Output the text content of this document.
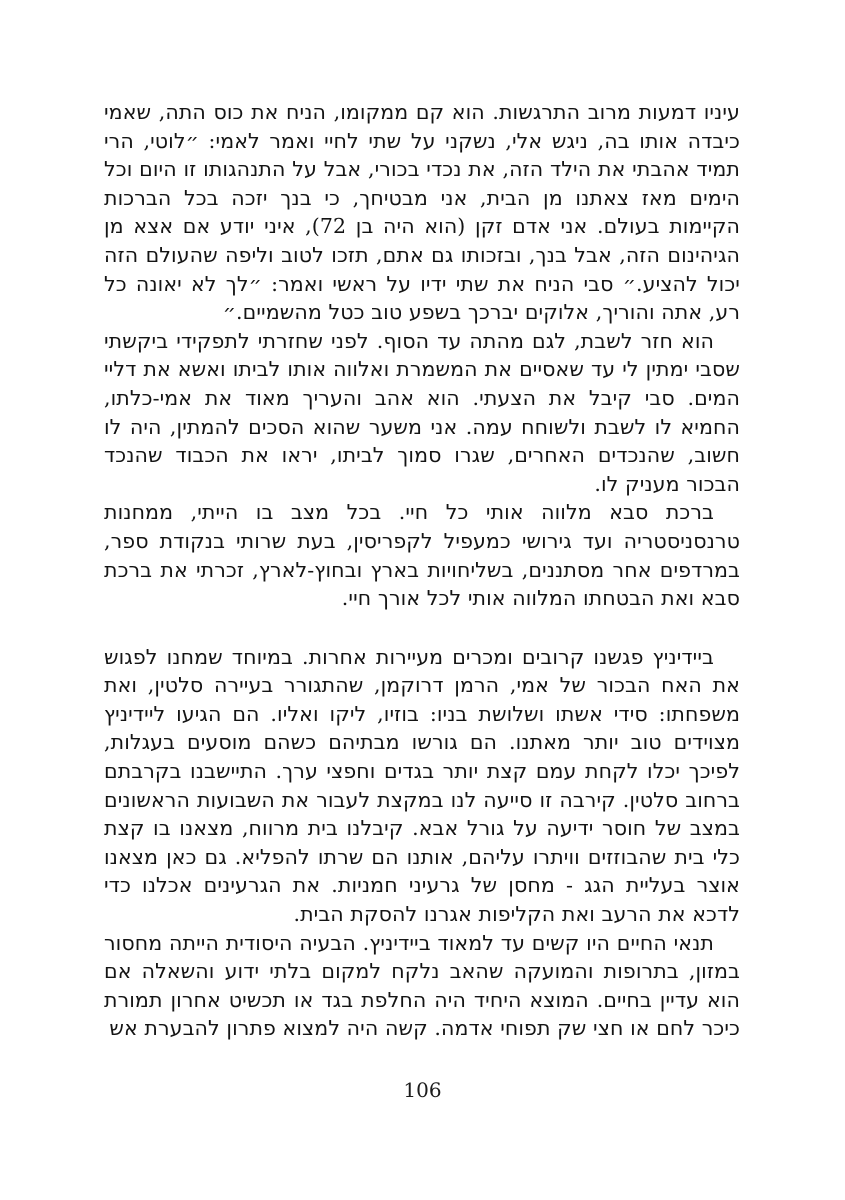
עיניו דמעות מרוב התרגשות. הוא קם ממקומו, הניח את כוס התה, שאמי כיבדה אותו בה, ניגש אלי, נשקני על שתי לחיי ואמר לאמי: ״לוטי, הרי תמיד אהבתי את הילד הזה, את נכדי בכורי, אבל על התנהגותו זו היום וכל הימים מאז צאתנו מן הבית, אני מבטיחך, כי בנך יזכה בכל הברכות הקיימות בעולם. אני אדם זקן (הוא היה בן 72), איני יודע אם אצא מן הגיהינום הזה, אבל בנך, ובזכותו גם אתם, תזכו לטוב וליפה שהעולם הזה יכול להציע.״ סבי הניח את שתי ידיו על ראשי ואמר: ״לך לא יאונה כל רע, אתה והוריך, אלוקים יברכך בשפע טוב כטל מהשמיים.״

הוא חזר לשבת, לגם מהתה עד הסוף. לפני שחזרתי לתפקידי ביקשתי שסבי ימתין לי עד שאסיים את המשמרת ואלווה אותו לביתו ואשא את דליי המים. סבי קיבל את הצעתי. הוא אהב והעריך מאוד את אמי-כלתו, החמיא לו לשבת ולשוחח עמה. אני משער שהוא הסכים להמתין, היה לו חשוב, שהנכדים האחרים, שגרו סמוך לביתו, יראו את הכבוד שהנכד הבכור מעניק לו.

ברכת סבא מלווה אותי כל חיי. בכל מצב בו הייתי, ממחנות טרנסניסטריה ועד גירושי כמעפיל לקפריסין, בעת שרותי בנקודת ספר, במרדפים אחר מסתננים, בשליחויות בארץ ובחוץ-לארץ, זכרתי את ברכת סבא ואת הבטחתו המלווה אותי לכל אורך חיי.

ביידיניץ פגשנו קרובים ומכרים מעיירות אחרות. במיוחד שמחנו לפגוש את האח הבכור של אמי, הרמן דרוקמן, שהתגורר בעיירה סלטין, ואת משפחתו: סידי אשתו ושלושת בניו: בוזיו, ליקו ואליו. הם הגיעו ליידיניץ מצוידים טוב יותר מאתנו. הם גורשו מבתיהם כשהם מוסעים בעגלות, לפיכך יכלו לקחת עמם קצת יותר בגדים וחפצי ערך. התיישבנו בקרבתם ברחוב סלטין. קירבה זו סייעה לנו במקצת לעבור את השבועות הראשונים במצב של חוסר ידיעה על גורל אבא. קיבלנו בית מרווח, מצאנו בו קצת כלי בית שהבוזזים וויתרו עליהם, אותנו הם שרתו להפליא. גם כאן מצאנו אוצר בעליית הגג - מחסן של גרעיני חמניות. את הגרעינים אכלנו כדי לדכא את הרעב ואת הקליפות אגרנו להסקת הבית.

תנאי החיים היו קשים עד למאוד ביידיניץ. הבעיה היסודית הייתה מחסור במזון, בתרופות והמועקה שהאב נלקח למקום בלתי ידוע והשאלה אם הוא עדיין בחיים. המוצא היחיד היה החלפת בגד או תכשיט אחרון תמורת כיכר לחם או חצי שק תפוחי אדמה. קשה היה למצוא פתרון להבערת אש

106
